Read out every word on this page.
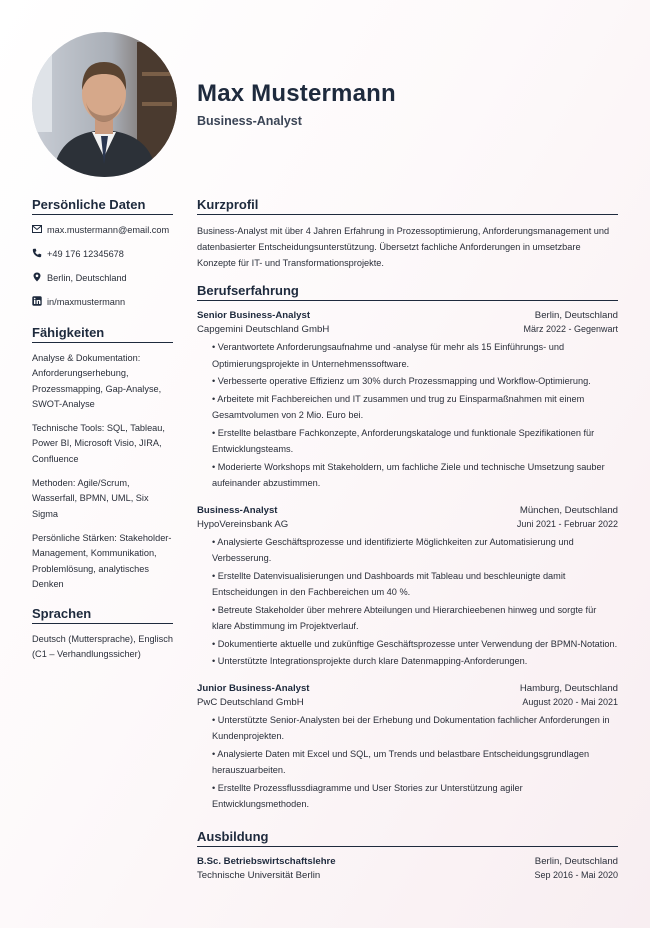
Max Mustermann
Business-Analyst
Persönliche Daten
max.mustermann@email.com
+49 176 12345678
Berlin, Deutschland
in/maxmustermann
Fähigkeiten
Analyse & Dokumentation: Anforderungserhebung, Prozessmapping, Gap-Analyse, SWOT-Analyse
Technische Tools: SQL, Tableau, Power BI, Microsoft Visio, JIRA, Confluence
Methoden: Agile/Scrum, Wasserfall, BPMN, UML, Six Sigma
Persönliche Stärken: Stakeholder-Management, Kommunikation, Problemlösung, analytisches Denken
Sprachen
Deutsch (Muttersprache), Englisch (C1 – Verhandlungssicher)
Kurzprofil
Business-Analyst mit über 4 Jahren Erfahrung in Prozessoptimierung, Anforderungsmanagement und datenbasierter Entscheidungsunterstützung. Übersetzt fachliche Anforderungen in umsetzbare Konzepte für IT- und Transformationsprojekte.
Berufserfahrung
Senior Business-Analyst	Berlin, Deutschland
Capgemini Deutschland GmbH	März 2022 - Gegenwart
• Verantwortete Anforderungsaufnahme und -analyse für mehr als 15 Einführungs- und Optimierungsprojekte in Unternehmenssoftware.
• Verbesserte operative Effizienz um 30% durch Prozessmapping und Workflow-Optimierung.
• Arbeitete mit Fachbereichen und IT zusammen und trug zu Einsparmaßnahmen mit einem Gesamtvolumen von 2 Mio. Euro bei.
• Erstellte belastbare Fachkonzepte, Anforderungskataloge und funktionale Spezifikationen für Entwicklungsteams.
• Moderierte Workshops mit Stakeholdern, um fachliche Ziele und technische Umsetzung sauber aufeinander abzustimmen.
Business-Analyst	München, Deutschland
HypoVereinsbank AG	Juni 2021 - Februar 2022
• Analysierte Geschäftsprozesse und identifizierte Möglichkeiten zur Automatisierung und Verbesserung.
• Erstellte Datenvisualisierungen und Dashboards mit Tableau und beschleunigte damit Entscheidungen in den Fachbereichen um 40 %.
• Betreute Stakeholder über mehrere Abteilungen und Hierarchieebenen hinweg und sorgte für klare Abstimmung im Projektverlauf.
• Dokumentierte aktuelle und zukünftige Geschäftsprozesse unter Verwendung der BPMN-Notation.
• Unterstützte Integrationsprojekte durch klare Datenmapping-Anforderungen.
Junior Business-Analyst	Hamburg, Deutschland
PwC Deutschland GmbH	August 2020 - Mai 2021
• Unterstützte Senior-Analysten bei der Erhebung und Dokumentation fachlicher Anforderungen in Kundenprojekten.
• Analysierte Daten mit Excel und SQL, um Trends und belastbare Entscheidungsgrundlagen herauszuarbeiten.
• Erstellte Prozessflussdiagramme und User Stories zur Unterstützung agiler Entwicklungsmethoden.
Ausbildung
B.Sc. Betriebswirtschaftslehre	Berlin, Deutschland
Technische Universität Berlin	Sep 2016 - Mai 2020
